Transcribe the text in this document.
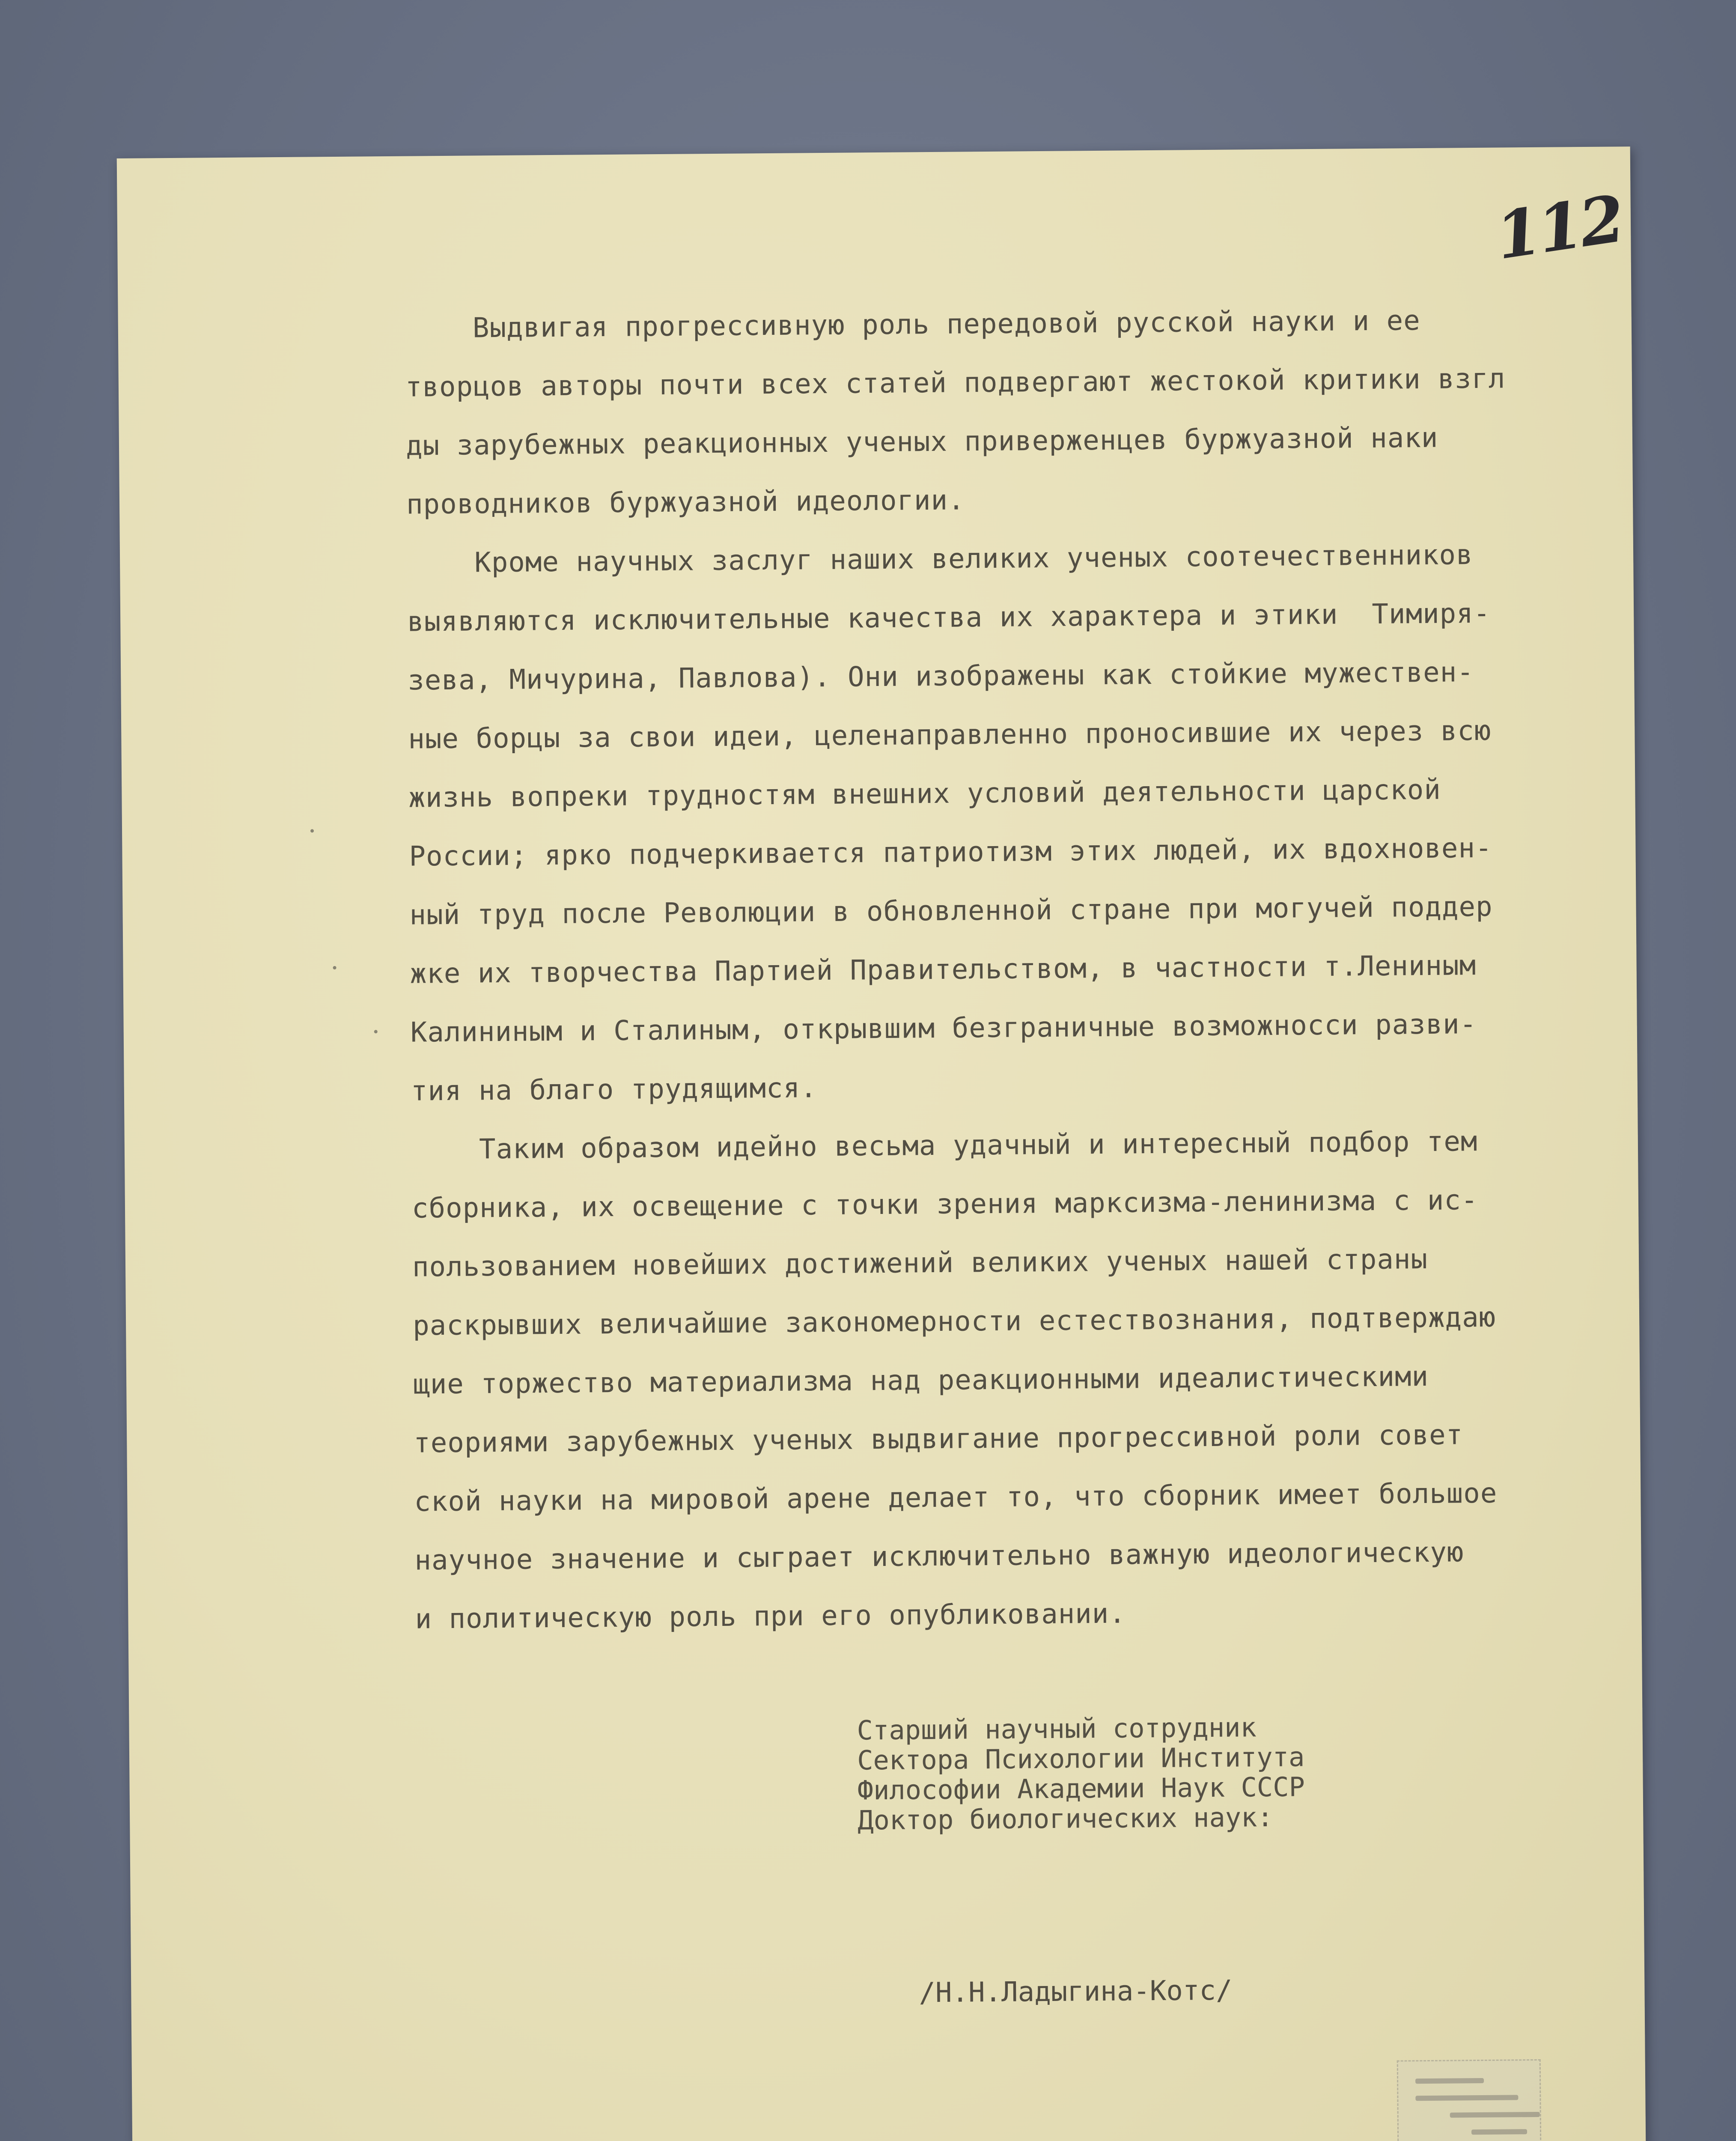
112
Выдвигая прогрессивную роль передовой русской науки и ее
творцов авторы почти всех статей подвергают жестокой критики взгл
ды зарубежных реакционных ученых приверженцев буржуазной наки
проводников буржуазной идеологии.
Кроме научных заслуг наших великих ученых соотечественников
выявляются исключительные качества их характера и этики  Тимиря-
зева, Мичурина, Павлова). Они изображены как стойкие мужествен-
ные борцы за свои идеи, целенаправленно проносившие их через всю
жизнь вопреки трудностям внешних условий деятельности царской
России; ярко подчеркивается патриотизм этих людей, их вдохновен-
ный труд после Революции в обновленной стране при могучей поддер
жке их творчества Партией Правительством, в частности т.Лениным
Калининым и Сталиным, открывшим безграничные возможносси разви-
тия на благо трудящимся.
Таким образом идейно весьма удачный и интересный подбор тем
сборника, их освещение с точки зрения марксизма-ленинизма с ис-
пользованием новейших достижений великих ученых нашей страны
раскрывших величайшие закономерности естествознания, подтверждаю
щие торжество материализма над реакционными идеалистическими
теориями зарубежных ученых выдвигание прогрессивной роли совет
ской науки на мировой арене делает то, что сборник имеет большое
научное значение и сыграет исключительно важную идеологическую
и политическую роль при его опубликовании.
Старший научный сотрудник
Сектора Психологии Института
Философии Академии Наук СССР
Доктор биологических наук:
/Н.Н.Ладыгина-Котс/
